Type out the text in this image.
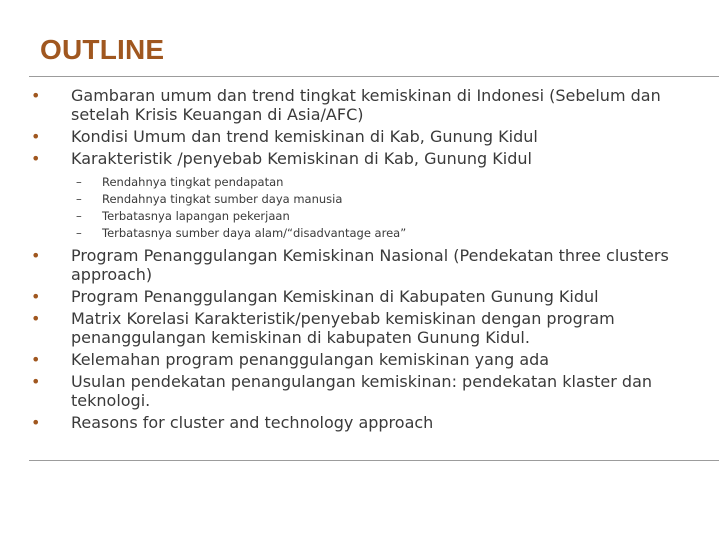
OUTLINE
• Gambaran umum dan trend tingkat kemiskinan di Indonesi (Sebelum dan setelah Krisis Keuangan di Asia/AFC)
• Kondisi Umum dan trend kemiskinan di Kab, Gunung Kidul
• Karakteristik /penyebab Kemiskinan di Kab, Gunung Kidul
– Rendahnya tingkat pendapatan
– Rendahnya tingkat sumber daya manusia
– Terbatasnya lapangan pekerjaan
– Terbatasnya sumber daya alam/“disadvantage area”
• Program Penanggulangan Kemiskinan Nasional (Pendekatan three clusters approach)
• Program Penanggulangan Kemiskinan di Kabupaten Gunung Kidul
• Matrix Korelasi Karakteristik/penyebab kemiskinan dengan program penanggulangan kemiskinan di kabupaten Gunung Kidul.
• Kelemahan program penanggulangan kemiskinan yang ada
• Usulan pendekatan penangulangan kemiskinan: pendekatan klaster dan teknologi.
• Reasons for cluster and technology approach
